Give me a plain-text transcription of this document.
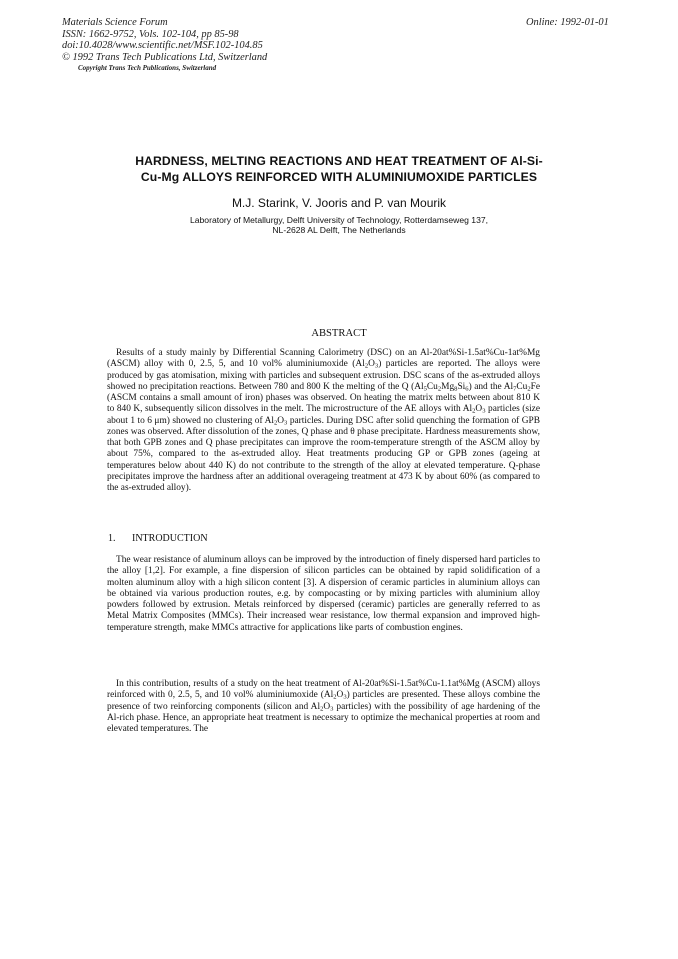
Materials Science Forum
ISSN: 1662-9752, Vols. 102-104, pp 85-98
doi:10.4028/www.scientific.net/MSF.102-104.85
© 1992 Trans Tech Publications Ltd, Switzerland
Copyright Trans Tech Publications, Switzerland
Online: 1992-01-01
HARDNESS, MELTING REACTIONS AND HEAT TREATMENT OF Al-Si-
Cu-Mg ALLOYS REINFORCED WITH ALUMINIUMOXIDE PARTICLES
M.J. Starink, V. Jooris and P. van Mourik
Laboratory of Metallurgy, Delft University of Technology, Rotterdamseweg 137,
NL-2628 AL Delft, The Netherlands
ABSTRACT

Results of a study mainly by Differential Scanning Calorimetry (DSC) on an Al-20at%Si-1.5at%Cu-1at%Mg (ASCM) alloy with 0, 2.5, 5, and 10 vol% aluminiumoxide $(Al_2O_3)$ particles are reported. The alloys were produced by gas atomisation, mixing with particles and subsequent extrusion. DSC scans of the as-extruded alloys showed no precipitation reactions. Between 780 and 800 K the melting of the Q $(Al_5Cu_2Mg_8Si_6)$ and the $Al_7Cu_2Fe$ (ASCM contains a small amount of iron) phases was observed. On heating the matrix melts between about 810 K to 840 K, subsequently silicon dissolves in the melt. The microstructure of the AE alloys with $Al_2O_3$ particles (size about 1 to 6 μm) showed no clustering of $Al_2O_3$ particles. During DSC after solid quenching the formation of GPB zones was observed. After dissolution of the zones, Q phase and θ phase precipitate. Hardness measurements show, that both GPB zones and Q phase precipitates can improve the room-temperature strength of the ASCM alloy by about 75%, compared to the as-extruded alloy. Heat treatments producing GP or GPB zones (ageing at temperatures below about 440 K) do not contribute to the strength of the alloy at elevated temperature. Q-phase precipitates improve the hardness after an additional overageing treatment at 473 K by about 60% (as compared to the as-extruded alloy).

1. INTRODUCTION

The wear resistance of aluminum alloys can be improved by the introduction of finely dispersed hard particles to the alloy [1,2]. For example, a fine dispersion of silicon particles can be obtained by rapid solidification of a molten aluminum alloy with a high silicon content [3]. A dispersion of ceramic particles in aluminium alloys can be obtained via various production routes, e.g. by compocasting or by mixing particles with aluminium alloy powders followed by extrusion. Metals reinforced by dispersed (ceramic) particles are generally referred to as Metal Matrix Composites (MMCs). Their increased wear resistance, low thermal expansion and improved high-temperature strength, make MMCs attractive for applications like parts of combustion engines.

In this contribution, results of a study on the heat treatment of Al-20at%Si-1.5at%Cu-1.1at%Mg (ASCM) alloys reinforced with 0, 2.5, 5, and 10 vol% aluminiumoxide $(Al_2O_3)$ particles are presented. These alloys combine the presence of two reinforcing components (silicon and $Al_2O_3$ particles) with the possibility of age hardening of the Al-rich phase. Hence, an appropriate heat treatment is necessary to optimize the mechanical properties at room and elevated temperatures. The
